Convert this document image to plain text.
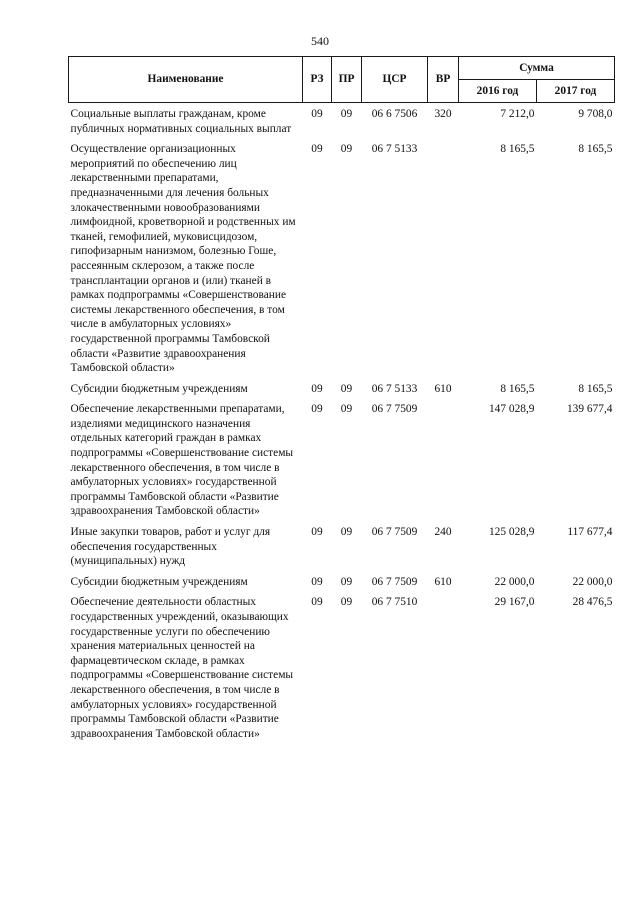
540
Наименование	РЗ	ПР	ЦСР	ВР	Сумма	
					2016 год	2017 год
Социальные выплаты гражданам, кроме публичных нормативных социальных выплат	09	09	06 6 7506	320	7 212,0	9 708,0
Осуществление организационных мероприятий по обеспечению лиц лекарственными препаратами, предназначенными для лечения больных злокачественными новообразованиями лимфоидной, кроветворной и родственных им тканей, гемофилией, муковисцидозом, гипофизарным нанизмом, болезнью Гоше, рассеянным склерозом, а также после трансплантации органов и (или) тканей в рамках подпрограммы «Совершенствование системы лекарственного обеспечения, в том числе в амбулаторных условиях» государственной программы Тамбовской области «Развитие здравоохранения Тамбовской области»	09	09	06 7 5133		8 165,5	8 165,5
Субсидии бюджетным учреждениям	09	09	06 7 5133	610	8 165,5	8 165,5
Обеспечение лекарственными препаратами, изделиями медицинского назначения отдельных категорий граждан в рамках подпрограммы «Совершенствование системы лекарственного обеспечения, в том числе в амбулаторных условиях» государственной программы Тамбовской области «Развитие здравоохранения Тамбовской области»	09	09	06 7 7509		147 028,9	139 677,4
Иные закупки товаров, работ и услуг для обеспечения государственных (муниципальных) нужд	09	09	06 7 7509	240	125 028,9	117 677,4
Субсидии бюджетным учреждениям	09	09	06 7 7509	610	22 000,0	22 000,0
Обеспечение деятельности областных государственных учреждений, оказывающих государственные услуги по обеспечению хранения материальных ценностей на фармацевтическом складе, в рамках подпрограммы «Совершенствование системы лекарственного обеспечения, в том числе в амбулаторных условиях» государственной программы Тамбовской области «Развитие здравоохранения Тамбовской области»	09	09	06 7 7510		29 167,0	28 476,5
